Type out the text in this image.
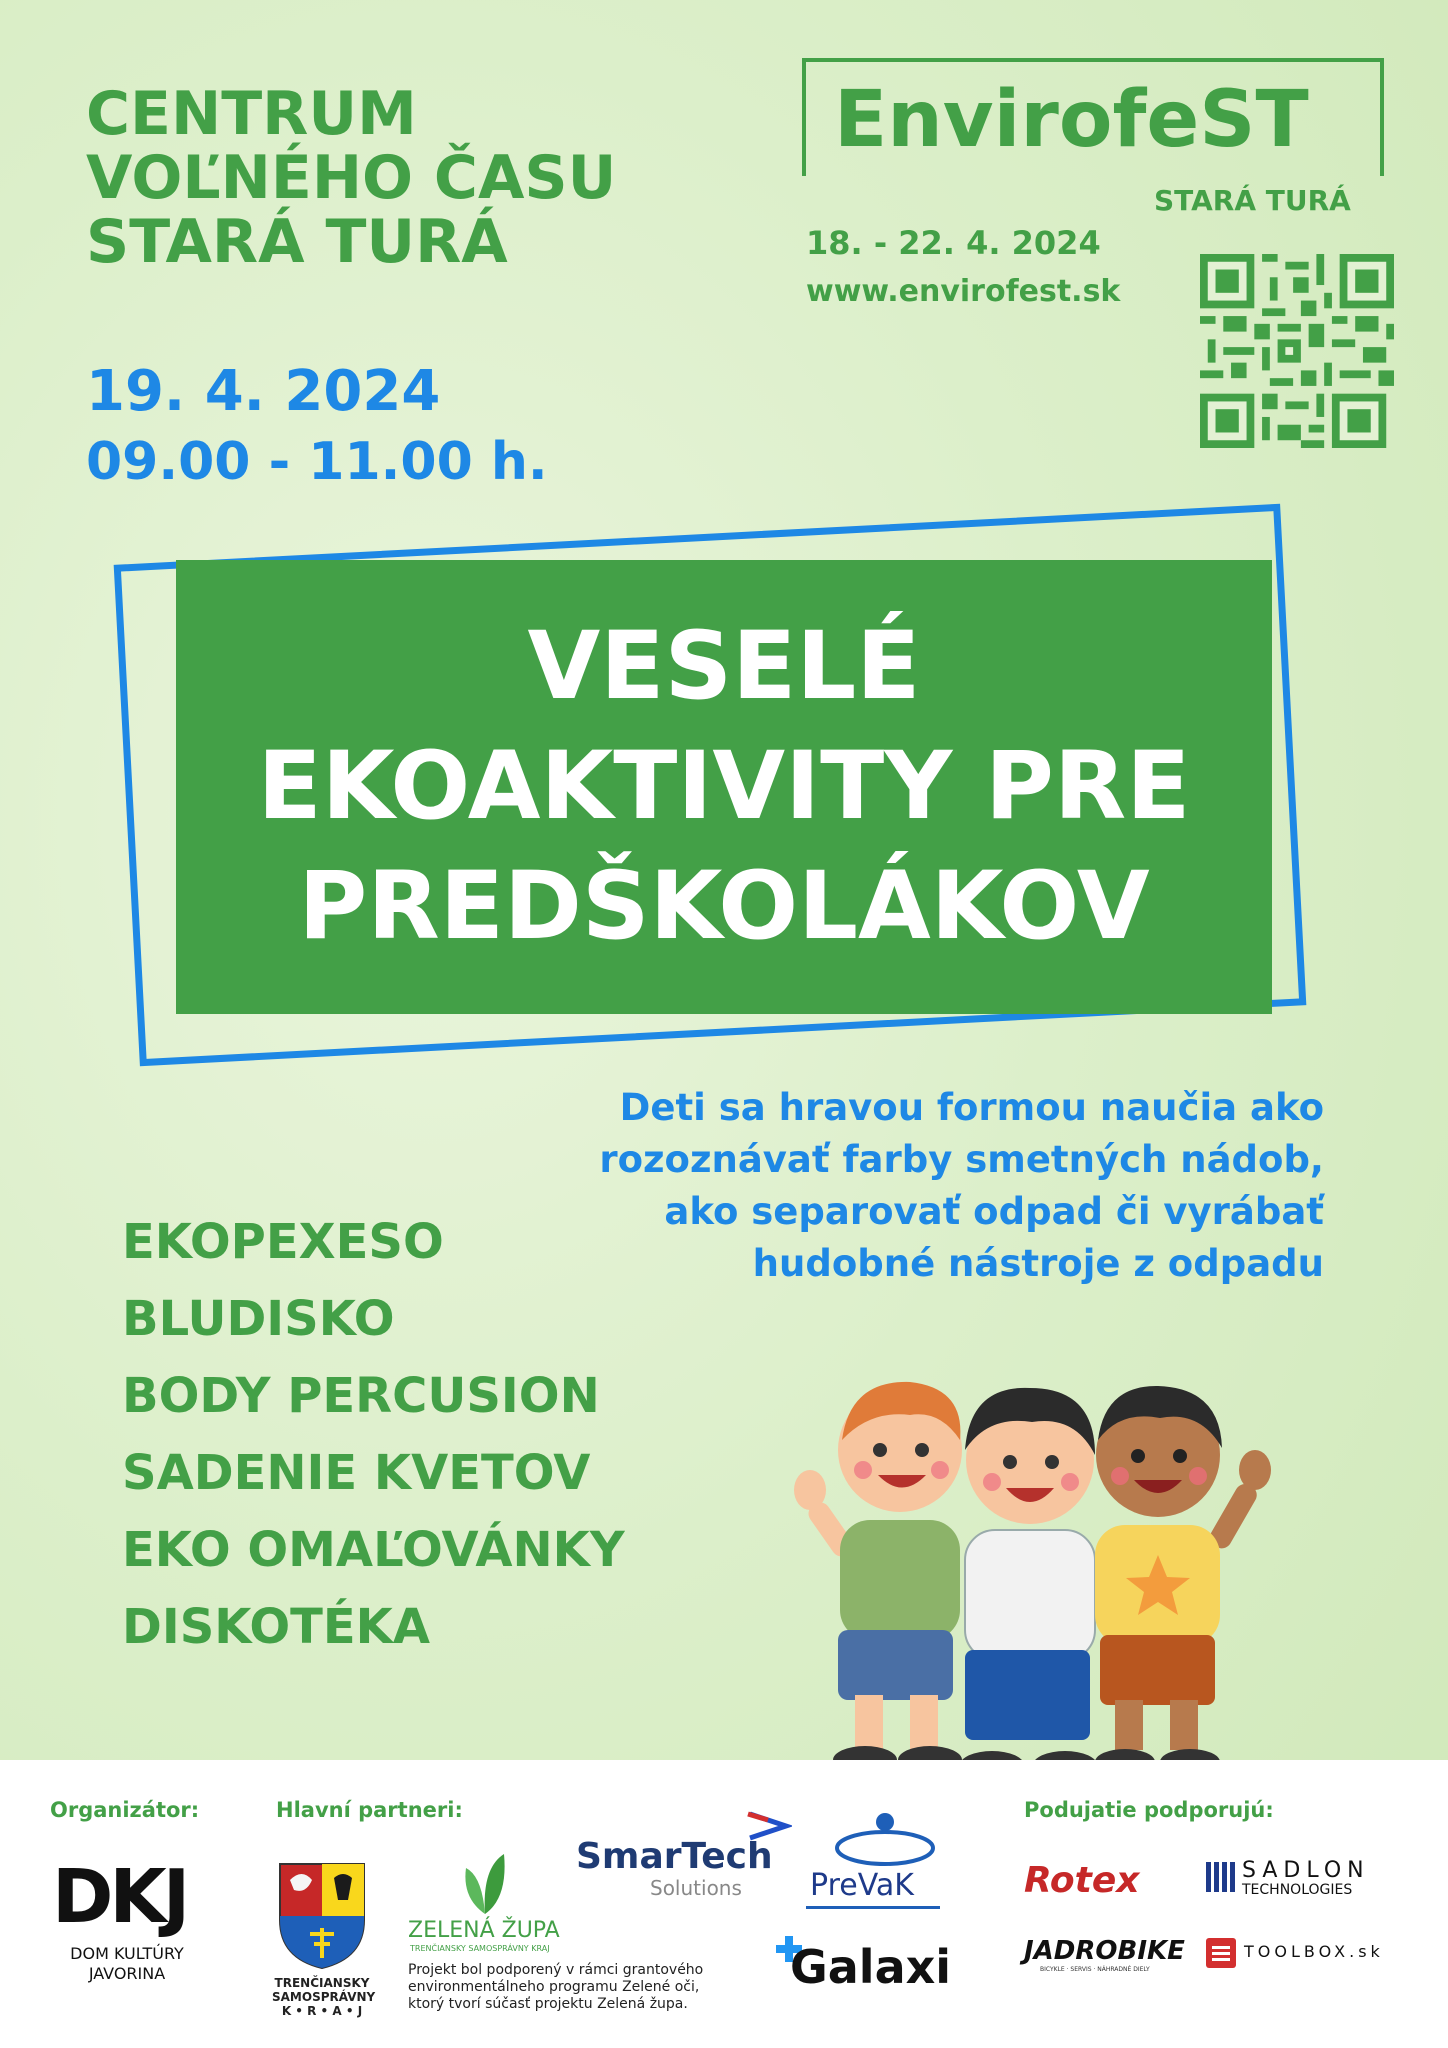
CENTRUM
VOĽNÉHO ČASU
STARÁ TURÁ
19. 4. 2024
09.00 - 11.00 h.
EnvirofeST
STARÁ TURÁ
18. - 22. 4. 2024
www.envirofest.sk
VESELÉ
EKOAKTIVITY PRE
PREDŠKOLÁKOV
Deti sa hravou formou naučia ako
rozoznávať farby smetných nádob,
ako separovať odpad či vyrábať
hudobné nástroje z odpadu
EKOPEXESO
BLUDISKO
BODY PERCUSION
SADENIE KVETOV
EKO OMAĽOVÁNKY
DISKOTÉKA
Organizátor:	Hlavní partneri:	Podujatie podporujú:
DKJ
DOM KULTÚRY
JAVORINA	TRENČIANSKY
SAMOSPRÁVNY
K • R • A • J
ZELENÁ ŽUPA
TRENČIANSKY SAMOSPRÁVNY KRAJ
Projekt bol podporený v rámci grantového
environmentálneho programu Zelené oči,
ktorý tvorí súčasť projektu Zelená župa.
SmarTech
Solutions PreVaK
Galaxi
Rotex	SADLON
TECHNOLOGIES
JADROBIKE
BICYKLE · SERVIS · NÁHRADNÉ DIELY
TOOLBOX.sk
